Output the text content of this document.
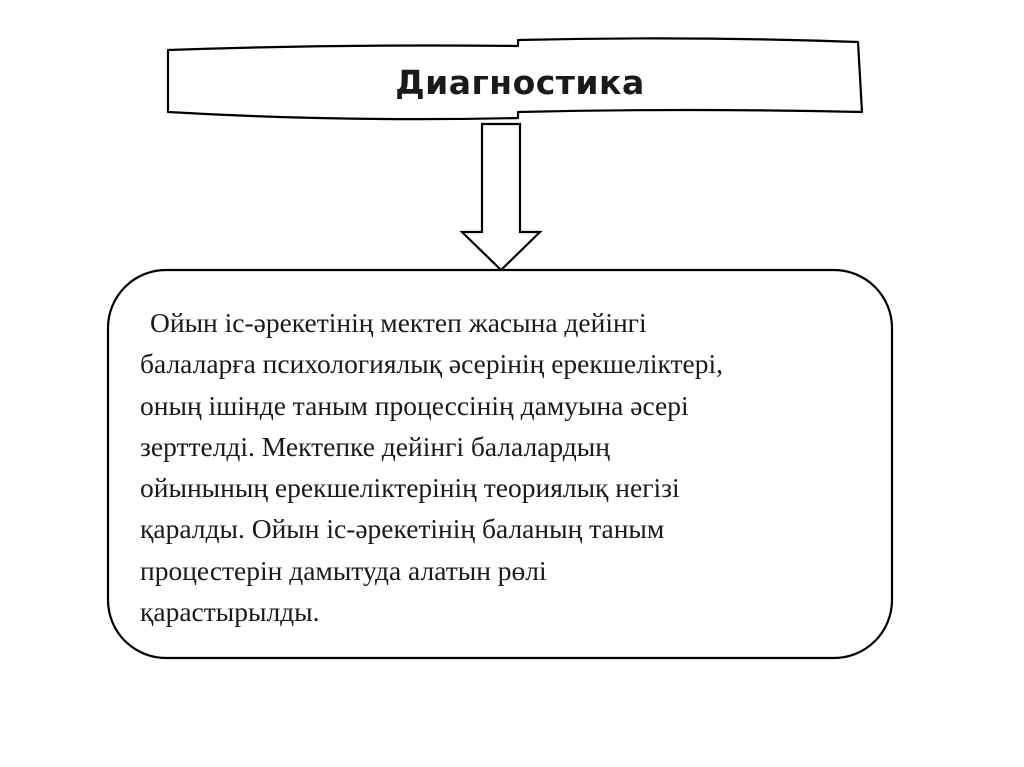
Диагностика
Ойын іс-әрекетінің мектеп жасына дейінгі
балаларға психологиялық әсерінің ерекшеліктері,
оның ішінде таным процессінің дамуына әсері
зерттелді. Мектепке дейінгі балалардың
ойынының ерекшеліктерінің теориялық негізі
қаралды. Ойын іс-әрекетінің баланың таным
процестерін дамытуда алатын рөлі
қарастырылды.
